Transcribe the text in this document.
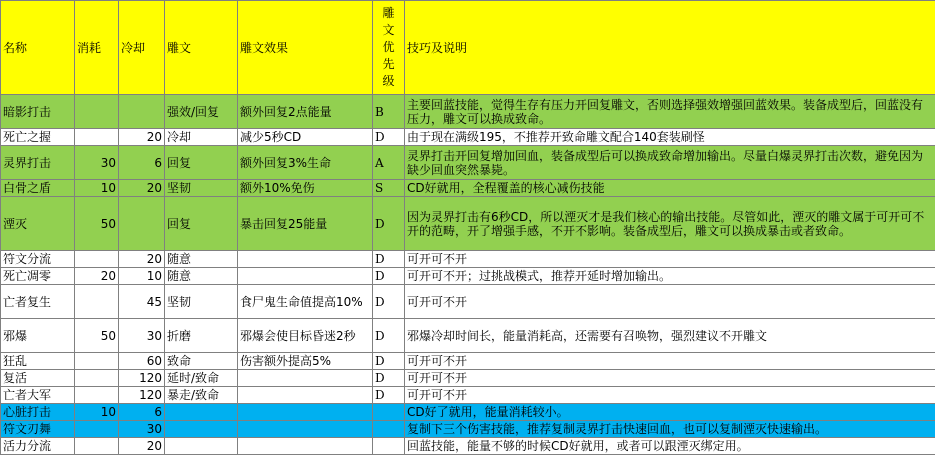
名称	消耗	冷却	雕文	雕文效果	雕
文
优
先
级	技巧及说明
暗影打击			强效/回复	额外回复2点能量	B	主要回蓝技能，觉得生存有压力开回复雕文，否则选择强效增强回蓝效果。装备成型后，回蓝没有压力，雕文可以换成致命。
死亡之握		20	冷却	减少5秒CD	D	由于现在满级195，不推荐开致命雕文配合140套装刷怪
灵界打击	30	6	回复	额外回复3%生命	A	灵界打击开回复增加回血，装备成型后可以换成致命增加输出。尽量白爆灵界打击次数，避免因为缺少回血突然暴毙。
白骨之盾	10	20	坚韧	额外10%免伤	S	CD好就用，全程覆盖的核心减伤技能
湮灭	50		回复	暴击回复25能量	D	因为灵界打击有6秒CD，所以湮灭才是我们核心的输出技能。尽管如此，湮灭的雕文属于可开可不开的范畴，开了增强手感，不开不影响。装备成型后，雕文可以换成暴击或者致命。
符文分流		20	随意		D	可开可不开
死亡凋零	20	10	随意		D	可开可不开；过挑战模式，推荐开延时增加输出。
亡者复生		45	坚韧	食尸鬼生命值提高10%	D	可开可不开
邪爆	50	30	折磨	邪爆会使目标昏迷2秒	D	邪爆冷却时间长，能量消耗高，还需要有召唤物，强烈建议不开雕文
狂乱		60	致命	伤害额外提高5%	D	可开可不开
复活		120	延时/致命		D	可开可不开
亡者大军		120	暴走/致命		D	可开可不开
心脏打击	10	6				CD好了就用，能量消耗较小。
符文刃舞		30				复制下三个伤害技能，推荐复制灵界打击快速回血，也可以复制湮灭快速输出。
活力分流		20				回蓝技能，能量不够的时候CD好就用，或者可以跟湮灭绑定用。
